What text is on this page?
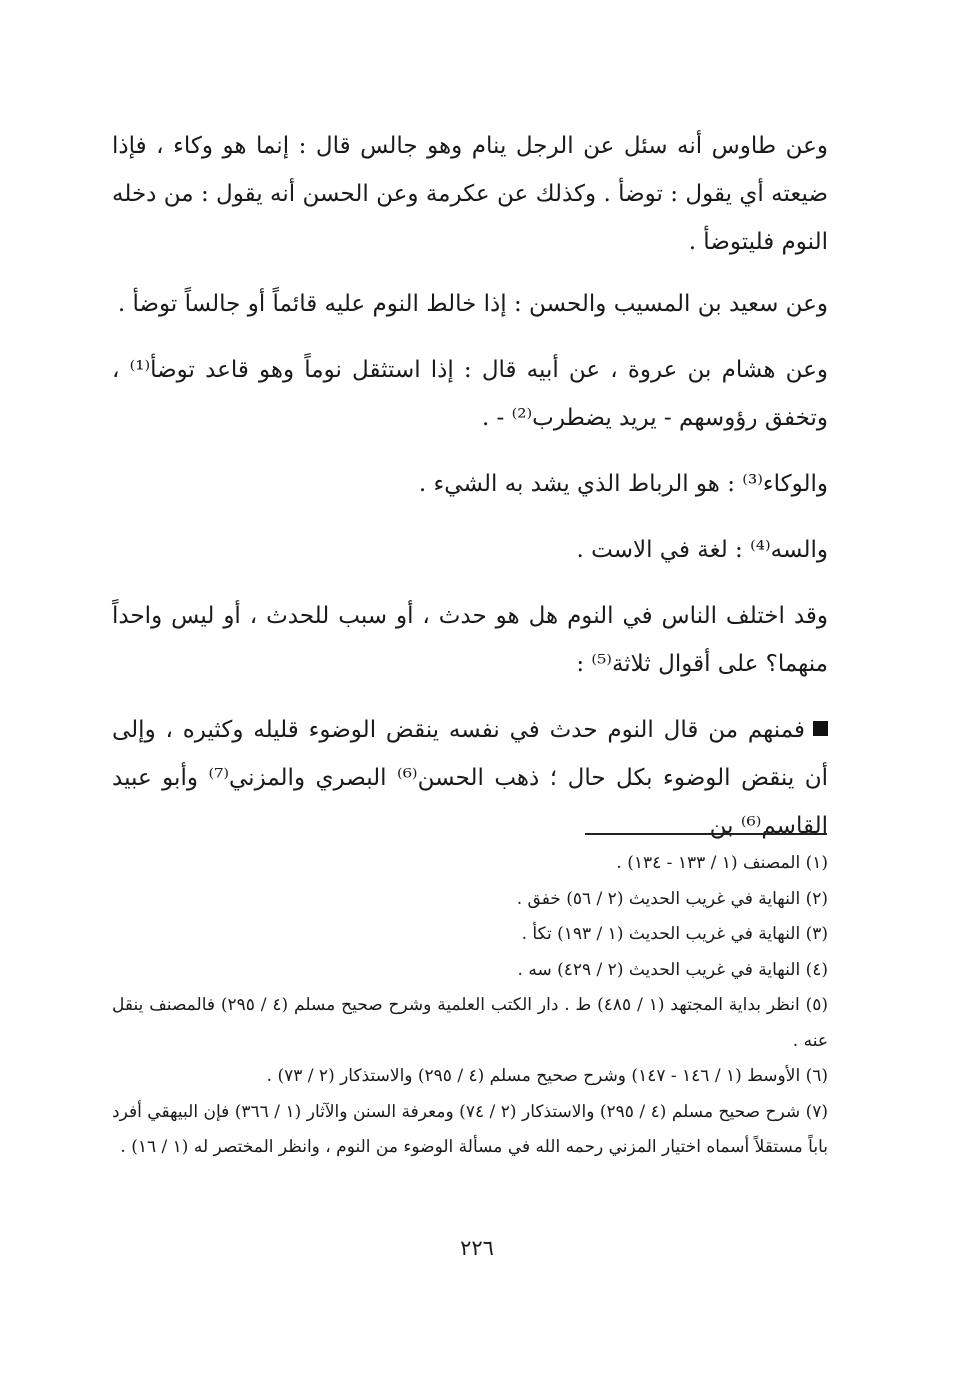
وعن طاوس أنه سئل عن الرجل ينام وهو جالس قال : إنما هو وكاء ، فإذا ضيعته أي يقول : توضأ . وكذلك عن عكرمة وعن الحسن أنه يقول : من دخله النوم فليتوضأ .

وعن سعيد بن المسيب والحسن : إذا خالط النوم عليه قائماً أو جالساً توضأ .

وعن هشام بن عروة ، عن أبيه قال : إذا استثقل نوماً وهو قاعد توضأ⁽¹⁾ ، وتخفق رؤوسهم - يريد يضطرب⁽²⁾ - .

والوكاء⁽³⁾ : هو الرباط الذي يشد به الشيء .

والسه⁽⁴⁾ : لغة في الاست .

وقد اختلف الناس في النوم هل هو حدث ، أو سبب للحدث ، أو ليس واحداً منهما؟ على أقوال ثلاثة⁽⁵⁾ :

فمنهم من قال النوم حدث في نفسه ينقض الوضوء قليله وكثيره ، وإلى أن ينقض الوضوء بكل حال ؛ ذهب الحسن⁽⁶⁾ البصري والمزني⁽⁷⁾ وأبو عبيد القاسم⁽⁶⁾ بن

(١) المصنف (١ / ١٣٣ - ١٣٤) .

(٢) النهاية في غريب الحديث (٢ / ٥٦) خفق .

(٣) النهاية في غريب الحديث (١ / ١٩٣) تكأ .

(٤) النهاية في غريب الحديث (٢ / ٤٢٩) سه .

(٥) انظر بداية المجتهد (١ / ٤٨٥) ط . دار الكتب العلمية وشرح صحيح مسلم (٤ / ٢٩٥) فالمصنف ينقل عنه .

(٦) الأوسط (١ / ١٤٦ - ١٤٧) وشرح صحيح مسلم (٤ / ٢٩٥) والاستذكار (٢ / ٧٣) .

(٧) شرح صحيح مسلم (٤ / ٢٩٥) والاستذكار (٢ / ٧٤) ومعرفة السنن والآثار (١ / ٣٦٦) فإن البيهقي أفرد باباً مستقلاً أسماه اختيار المزني رحمه الله في مسألة الوضوء من النوم ، وانظر المختصر له (١ / ١٦) .

٢٢٦
